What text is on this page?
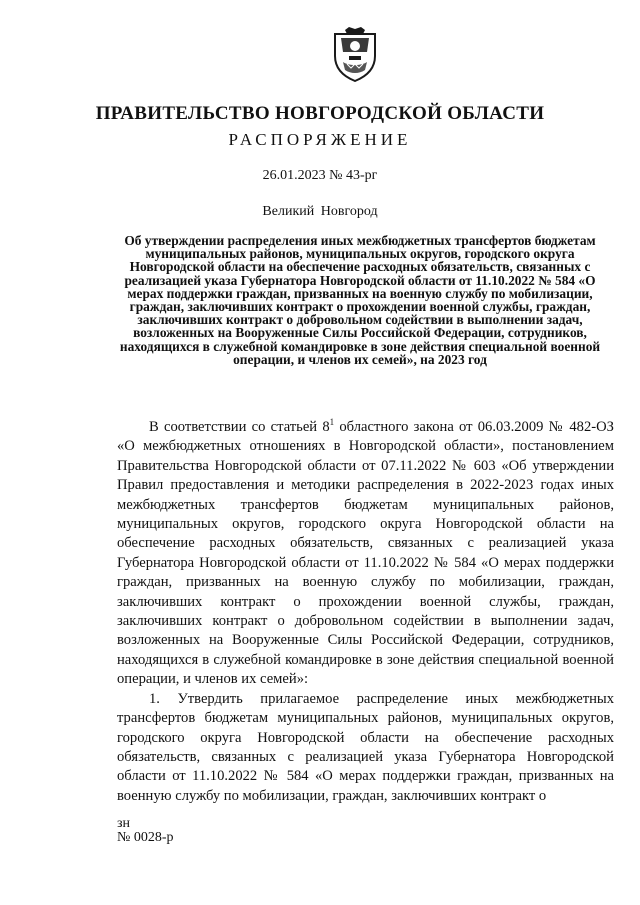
ПРАВИТЕЛЬСТВО НОВГОРОДСКОЙ ОБЛАСТИ
РАСПОРЯЖЕНИЕ
26.01.2023 № 43-рг
Великий Новгород
Об утверждении распределения иных межбюджетных трансфертов бюджетам муниципальных районов, муниципальных округов, городского округа Новгородской области на обеспечение расходных обязательств, связанных с реализацией указа Губернатора Новгородской области от 11.10.2022 № 584 «О мерах поддержки граждан, призванных на военную службу по мобилизации, граждан, заключивших контракт о прохождении военной службы, граждан, заключивших контракт о добровольном содействии в выполнении задач, возложенных на Вооруженные Силы Российской Федерации, сотрудников, находящихся в служебной командировке в зоне действия специальной военной операции, и членов их семей», на 2023 год

В соответствии со статьей $8^1$ областного закона от 06.03.2009 № 482-ОЗ «О межбюджетных отношениях в Новгородской области», постановлением Правительства Новгородской области от 07.11.2022 № 603 «Об утверждении Правил предоставления и методики распределения в 2022-2023 годах иных межбюджетных трансфертов бюджетам муниципальных районов, муниципальных округов, городского округа Новгородской области на обеспечение расходных обязательств, связанных с реализацией указа Губернатора Новгородской области от 11.10.2022 № 584 «О мерах поддержки граждан, призванных на военную службу по мобилизации, граждан, заключивших контракт о прохождении военной службы, граждан, заключивших контракт о добровольном содействии в выполнении задач, возложенных на Вооруженные Силы Российской Федерации, сотрудников, находящихся в служебной командировке в зоне действия специальной военной операции, и членов их семей»:

1. Утвердить прилагаемое распределение иных межбюджетных трансфертов бюджетам муниципальных районов, муниципальных округов, городского округа Новгородской области на обеспечение расходных обязательств, связанных с реализацией указа Губернатора Новгородской области от 11.10.2022 № 584 «О мерах поддержки граждан, призванных на военную службу по мобилизации, граждан, заключивших контракт о

зн
№ 0028-р
